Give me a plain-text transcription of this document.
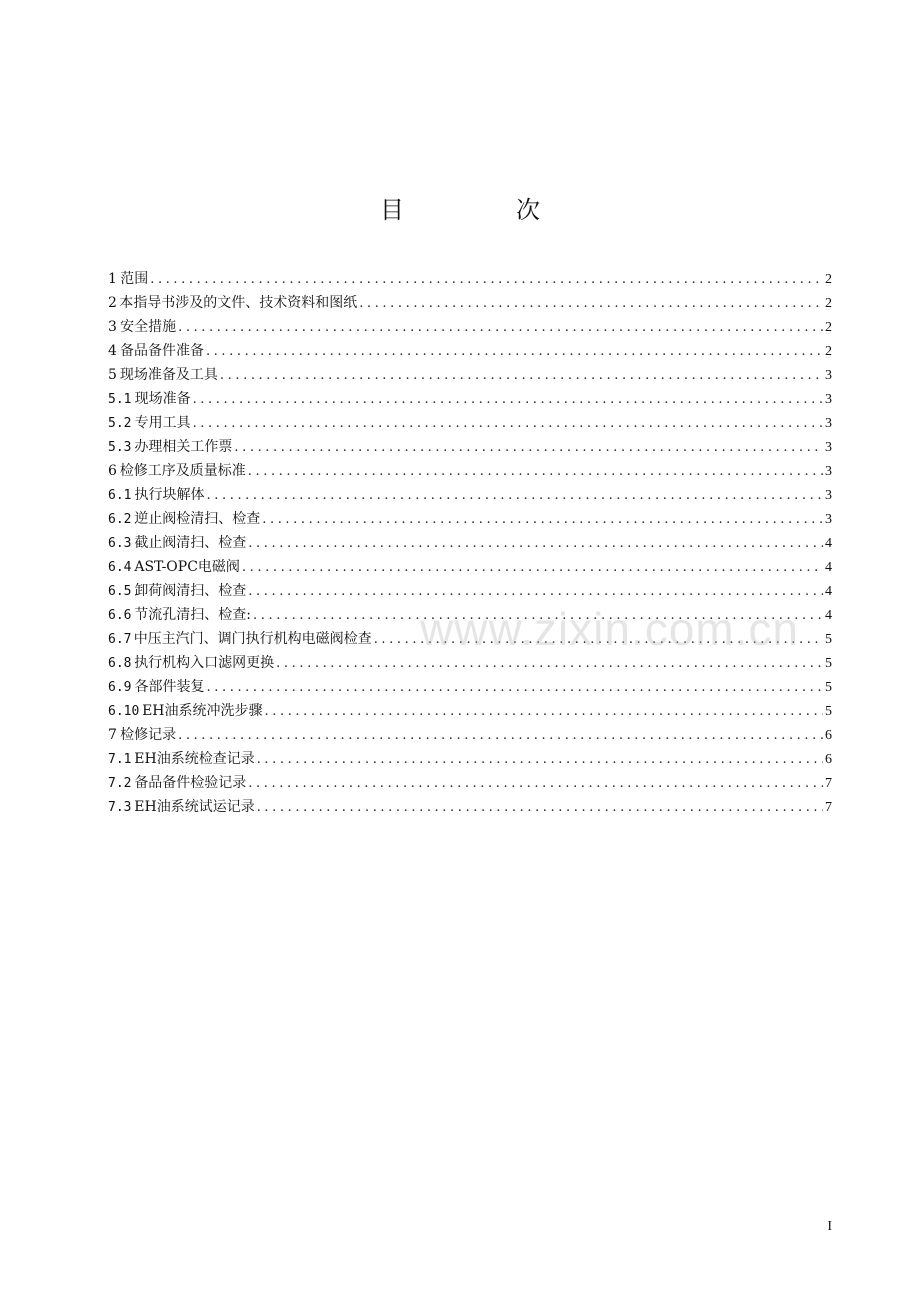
目　次
1 范围 .....	2
2 本指导书涉及的文件、技术资料和图纸 .....	2
3 安全措施 .....	2
4 备品备件准备 .....	2
5 现场准备及工具 .....	3
5.1 现场准备 .....	3
5.2 专用工具 .....	3
5.3 办理相关工作票 .....	3
6 检修工序及质量标准 .....	3
6.1 执行块解体 .....	3
6.2 逆止阀检清扫、检查 .....	3
6.3 截止阀清扫、检查 .....	4
6.4 AST-OPC电磁阀 .....	4
6.5 卸荷阀清扫、检查 .....	4
6.6 节流孔清扫、检查: .....	4
6.7 中压主汽门、调门执行机构电磁阀检查 .....	5
6.8 执行机构入口滤网更换 .....	5
6.9 各部件装复 .....	5
6.10 EH油系统冲洗步骤 .....	5
7 检修记录 .....	6
7.1 EH油系统检查记录 .....	6
7.2 备品备件检验记录 .....	7
7.3 EH油系统试运记录 .....	7
www.zixin.com.cn
I
